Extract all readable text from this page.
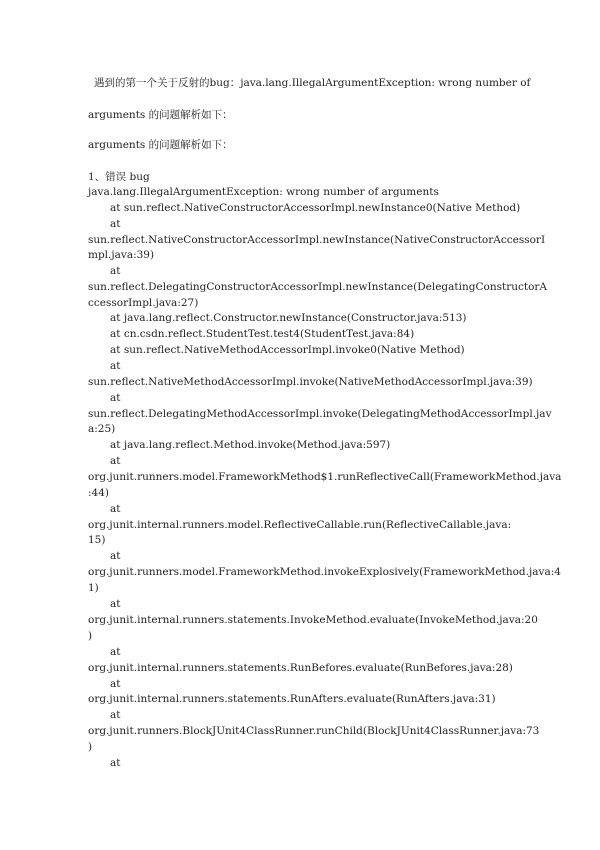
遇到的第一个关于反射的bug：java.lang.IllegalArgumentException: wrong number of
arguments 的问题解析如下：
arguments 的问题解析如下：
1、错误 bug
java.lang.IllegalArgumentException: wrong number of arguments
at sun.reflect.NativeConstructorAccessorImpl.newInstance0(Native Method)
at
sun.reflect.NativeConstructorAccessorImpl.newInstance(NativeConstructorAccessorI
mpl.java:39)
at
sun.reflect.DelegatingConstructorAccessorImpl.newInstance(DelegatingConstructorA
ccessorImpl.java:27)
at java.lang.reflect.Constructor.newInstance(Constructor.java:513)
at cn.csdn.reflect.StudentTest.test4(StudentTest.java:84)
at sun.reflect.NativeMethodAccessorImpl.invoke0(Native Method)
at
sun.reflect.NativeMethodAccessorImpl.invoke(NativeMethodAccessorImpl.java:39)
at
sun.reflect.DelegatingMethodAccessorImpl.invoke(DelegatingMethodAccessorImpl.jav
a:25)
at java.lang.reflect.Method.invoke(Method.java:597)
at
org.junit.runners.model.FrameworkMethod$1.runReflectiveCall(FrameworkMethod.java
:44)
at
org.junit.internal.runners.model.ReflectiveCallable.run(ReflectiveCallable.java:
15)
at
org.junit.runners.model.FrameworkMethod.invokeExplosively(FrameworkMethod.java:4
1)
at
org.junit.internal.runners.statements.InvokeMethod.evaluate(InvokeMethod.java:20
)
at
org.junit.internal.runners.statements.RunBefores.evaluate(RunBefores.java:28)
at
org.junit.internal.runners.statements.RunAfters.evaluate(RunAfters.java:31)
at
org.junit.runners.BlockJUnit4ClassRunner.runChild(BlockJUnit4ClassRunner.java:73
)
at
